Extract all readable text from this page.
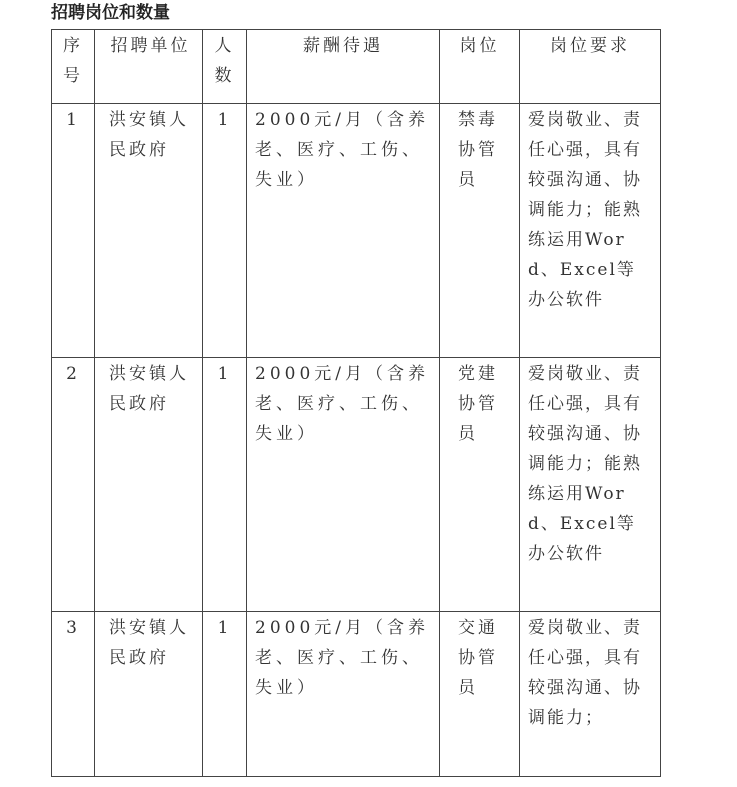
招聘岗位和数量
序号	招聘单位	人数	薪酬待遇	岗位	岗位要求

1	洪安镇人民政府	1	2000元/月（含养老、医疗、工伤、失业）	禁毒协管员	爱岗敬业、责任心强，具有较强沟通、协调能力；能熟练运用Word、Excel等办公软件

2	洪安镇人民政府	1	2000元/月（含养老、医疗、工伤、失业）	党建协管员	爱岗敬业、责任心强，具有较强沟通、协调能力；能熟练运用Word、Excel等办公软件

3	洪安镇人民政府	1	2000元/月（含养老、医疗、工伤、失业）	交通协管员	爱岗敬业、责任心强，具有较强沟通、协调能力；
